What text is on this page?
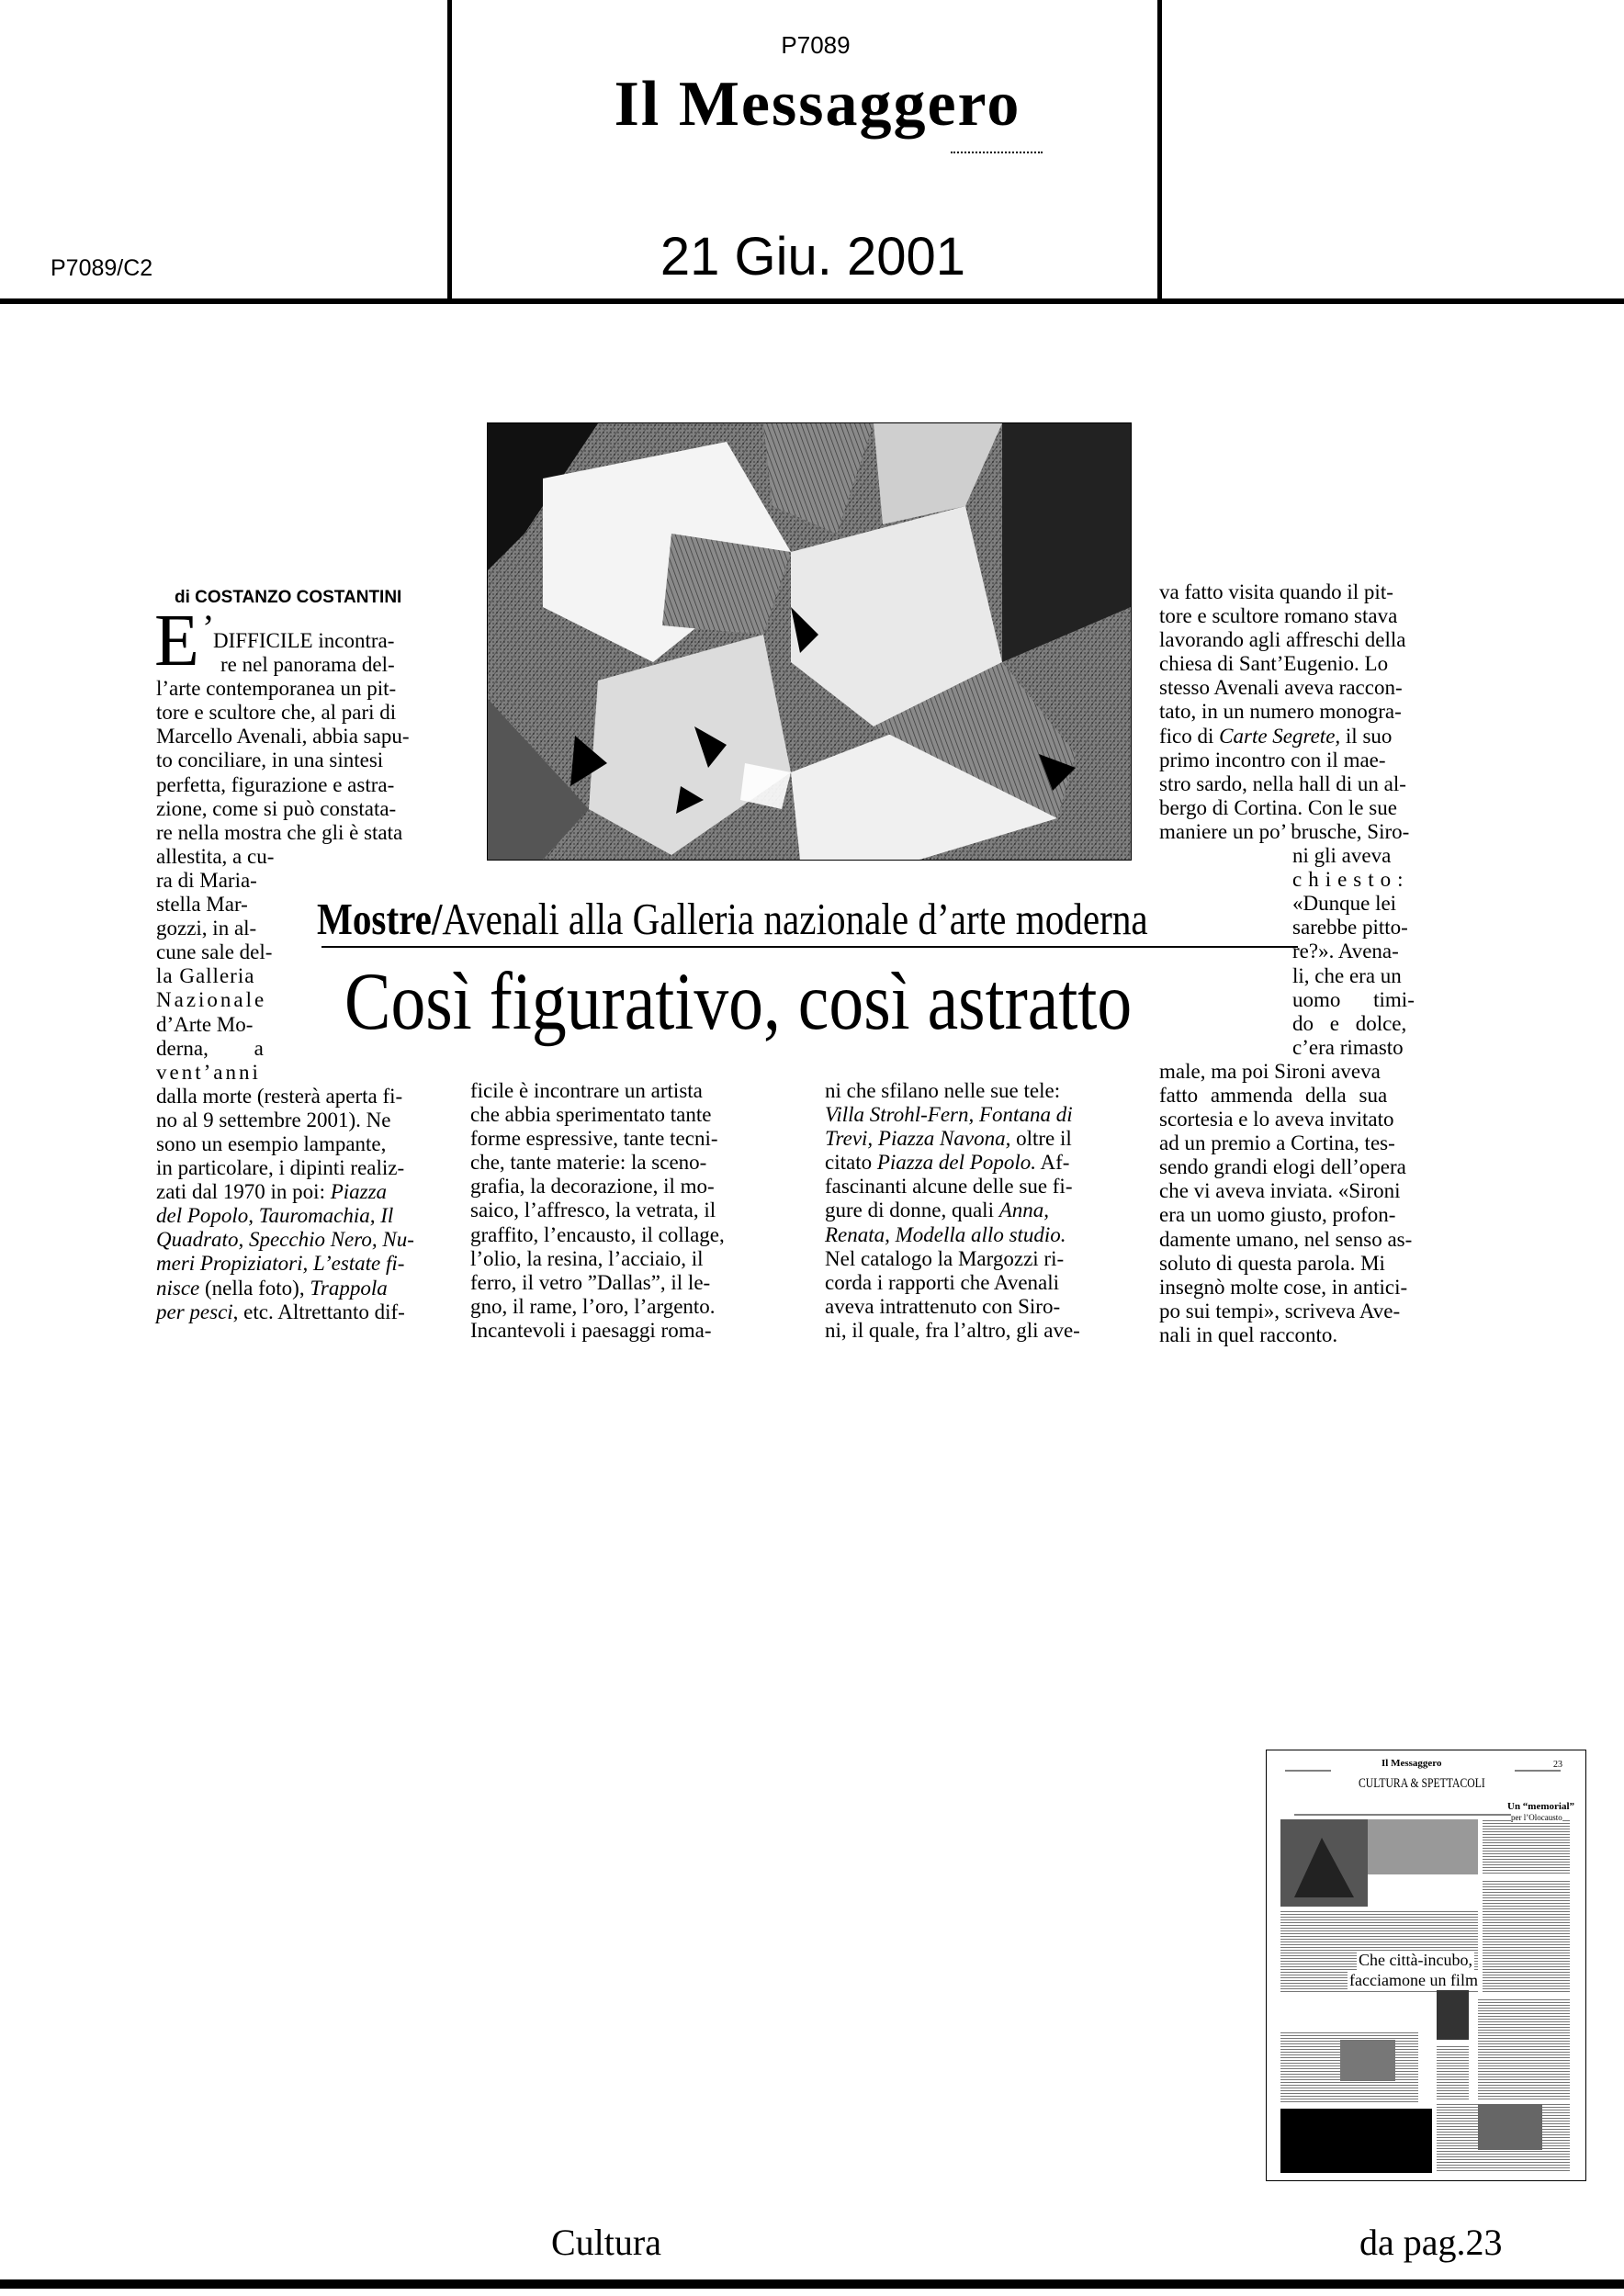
P7089
Il Messaggero
21 Giu. 2001
P7089/C2
di COSTANZO COSTANTINI
E ’
DIFFICILE incontra-
re nel panorama del-
l’arte contemporanea un pit-
tore e scultore che, al pari di
Marcello Avenali, abbia sapu-
to conciliare, in una sintesi
perfetta, figurazione e astra-
zione, come si può constata-
re nella mostra che gli è stata
allestita, a cu-
ra di Maria-
stella Mar-
gozzi, in al-
cune sale del-
la Galleria
Nazionale
d’Arte Mo-
derna, a
vent’anni
dalla morte (resterà aperta fi-
no al 9 settembre 2001). Ne
sono un esempio lampante,
in particolare, i dipinti realiz-
zati dal 1970 in poi: Piazza
del Popolo, Tauromachia, Il
Quadrato, Specchio Nero, Nu-
meri Propiziatori, L’estate fi-
nisce (nella foto), Trappola
per pesci, etc. Altrettanto dif-
Mostre/Avenali alla Galleria nazionale d’arte moderna
Così figurativo, così astratto
ficile è incontrare un artista
che abbia sperimentato tante
forme espressive, tante tecni-
che, tante materie: la sceno-
grafia, la decorazione, il mo-
saico, l’affresco, la vetrata, il
graffito, l’encausto, il collage,
l’olio, la resina, l’acciaio, il
ferro, il vetro ”Dallas”, il le-
gno, il rame, l’oro, l’argento.
Incantevoli i paesaggi roma-
ni che sfilano nelle sue tele:
Villa Strohl-Fern, Fontana di
Trevi, Piazza Navona, oltre il
citato Piazza del Popolo. Af-
fascinanti alcune delle sue fi-
gure di donne, quali Anna,
Renata, Modella allo studio.
Nel catalogo la Margozzi ri-
corda i rapporti che Avenali
aveva intrattenuto con Siro-
ni, il quale, fra l’altro, gli ave-
va fatto visita quando il pit-
tore e scultore romano stava
lavorando agli affreschi della
chiesa di Sant’Eugenio. Lo
stesso Avenali aveva raccon-
tato, in un numero monogra-
fico di Carte Segrete, il suo
primo incontro con il mae-
stro sardo, nella hall di un al-
bergo di Cortina. Con le sue
maniere un po’ brusche, Siro-
ni gli aveva
chiesto:
«Dunque lei
sarebbe pitto-
re?». Avena-
li, che era un
uomo timi-
do e dolce,
c’era rimasto
male, ma poi Sironi aveva
fatto ammenda della sua
scortesia e lo aveva invitato
ad un premio a Cortina, tes-
sendo grandi elogi dell’opera
che vi aveva inviata. «Sironi
era un uomo giusto, profon-
damente umano, nel senso as-
soluto di questa parola. Mi
insegnò molte cose, in antici-
po sui tempi», scriveva Ave-
nali in quel racconto.
Il Messaggero	23
CULTURA & SPETTACOLI
Un “memorial”
per l’Olocausto
Che città-incubo,
facciamone un film
Cultura	da pag.23
